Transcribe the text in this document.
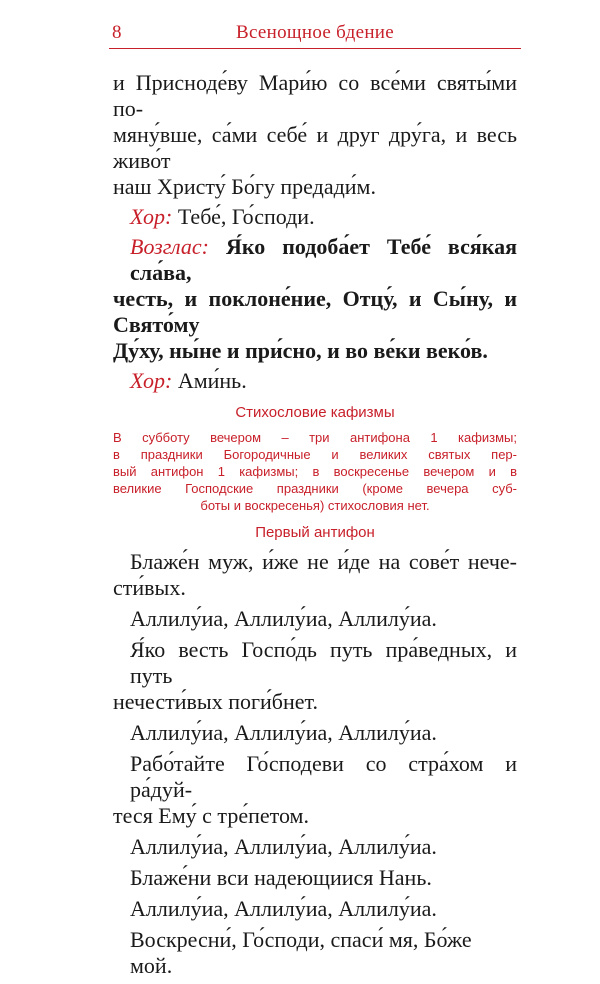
8	Всенощное бдение
и Присноде́ву Мари́ю со все́ми святы́ми по-
мяну́вше, са́ми себе́ и друг дру́га, и весь живо́т
наш Христу́ Бо́гу предади́м.
Хор: Тебе́, Го́споди.
Возглас: Я́ко подоба́ет Тебе́ вся́кая сла́ва,
честь, и поклоне́ние, Отцу́, и Сы́ну, и Свято́му
Ду́ху, ны́не и при́сно, и во ве́ки веко́в.
Хор: Ами́нь.
Стихословие кафизмы
В субботу вечером – три антифона 1 кафизмы;
в праздники Богородичные и великих святых пер-
вый антифон 1 кафизмы; в воскресенье вечером и в
великие Господские праздники (кроме вечера суб-
боты и воскресенья) стихословия нет.
Первый антифон
Блаже́н муж, и́же не и́де на сове́т нече-
сти́вых.
Аллилу́иа, Аллилу́иа, Аллилу́иа.
Я́ко весть Госпо́дь путь пра́ведных, и путь
нечести́вых поги́бнет.
Аллилу́иа, Аллилу́иа, Аллилу́иа.
Рабо́тайте Го́сподеви со стра́хом и ра́дуй-
теся Ему́ с тре́петом.
Аллилу́иа, Аллилу́иа, Аллилу́иа.
Блаже́ни вси надеющиися Нань.
Аллилу́иа, Аллилу́иа, Аллилу́иа.
Воскресни́, Го́споди, спаси́ мя, Бо́же мой.
